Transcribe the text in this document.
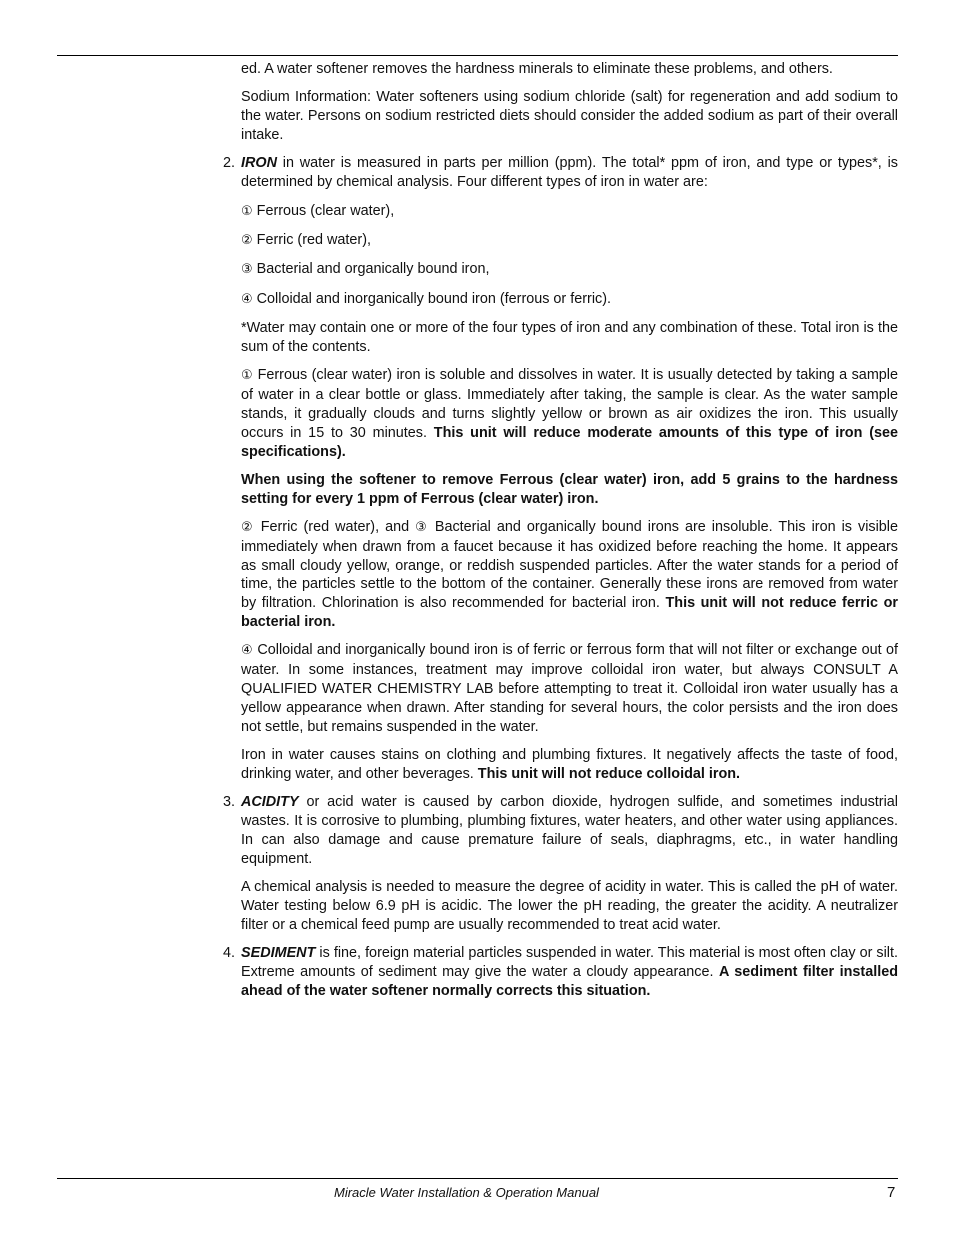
ed. A water softener removes the hardness minerals to eliminate these problems, and others.

Sodium Information: Water softeners using sodium chloride (salt) for regeneration and add sodium to the water. Persons on sodium restricted diets should consider the added sodium as part of their overall intake.

2. IRON in water is measured in parts per million (ppm). The total* ppm of iron, and type or types*, is determined by chemical analysis. Four different types of iron in water are:

① Ferrous (clear water),

② Ferric (red water),

③ Bacterial and organically bound iron,

④ Colloidal and inorganically bound iron (ferrous or ferric).

*Water may contain one or more of the four types of iron and any combination of these. Total iron is the sum of the contents.

① Ferrous (clear water) iron is soluble and dissolves in water. It is usually detected by taking a sample of water in a clear bottle or glass. Immediately after taking, the sample is clear. As the water sample stands, it gradually clouds and turns slightly yellow or brown as air oxidizes the iron. This usually occurs in 15 to 30 minutes. This unit will reduce moderate amounts of this type of iron (see specifications).

When using the softener to remove Ferrous (clear water) iron, add 5 grains to the hardness setting for every 1 ppm of Ferrous (clear water) iron.

② Ferric (red water), and ③ Bacterial and organically bound irons are insoluble. This iron is visible immediately when drawn from a faucet because it has oxidized before reaching the home. It appears as small cloudy yellow, orange, or reddish suspended particles. After the water stands for a period of time, the particles settle to the bottom of the container. Generally these irons are removed from water by filtration. Chlorination is also recommended for bacterial iron. This unit will not reduce ferric or bacterial iron.

④ Colloidal and inorganically bound iron is of ferric or ferrous form that will not filter or exchange out of water. In some instances, treatment may improve colloidal iron water, but always CONSULT A QUALIFIED WATER CHEMISTRY LAB before attempting to treat it. Colloidal iron water usually has a yellow appearance when drawn. After standing for several hours, the color persists and the iron does not settle, but remains suspended in the water.

Iron in water causes stains on clothing and plumbing fixtures. It negatively affects the taste of food, drinking water, and other beverages. This unit will not reduce colloidal iron.

3. ACIDITY or acid water is caused by carbon dioxide, hydrogen sulfide, and sometimes industrial wastes. It is corrosive to plumbing, plumbing fixtures, water heaters, and other water using appliances. In can also damage and cause premature failure of seals, diaphragms, etc., in water handling equipment.

A chemical analysis is needed to measure the degree of acidity in water. This is called the pH of water. Water testing below 6.9 pH is acidic. The lower the pH reading, the greater the acidity. A neutralizer filter or a chemical feed pump are usually recommended to treat acid water.

4. SEDIMENT is fine, foreign material particles suspended in water. This material is most often clay or silt. Extreme amounts of sediment may give the water a cloudy appearance. A sediment filter installed ahead of the water softener normally corrects this situation.

Miracle Water Installation & Operation Manual	7
